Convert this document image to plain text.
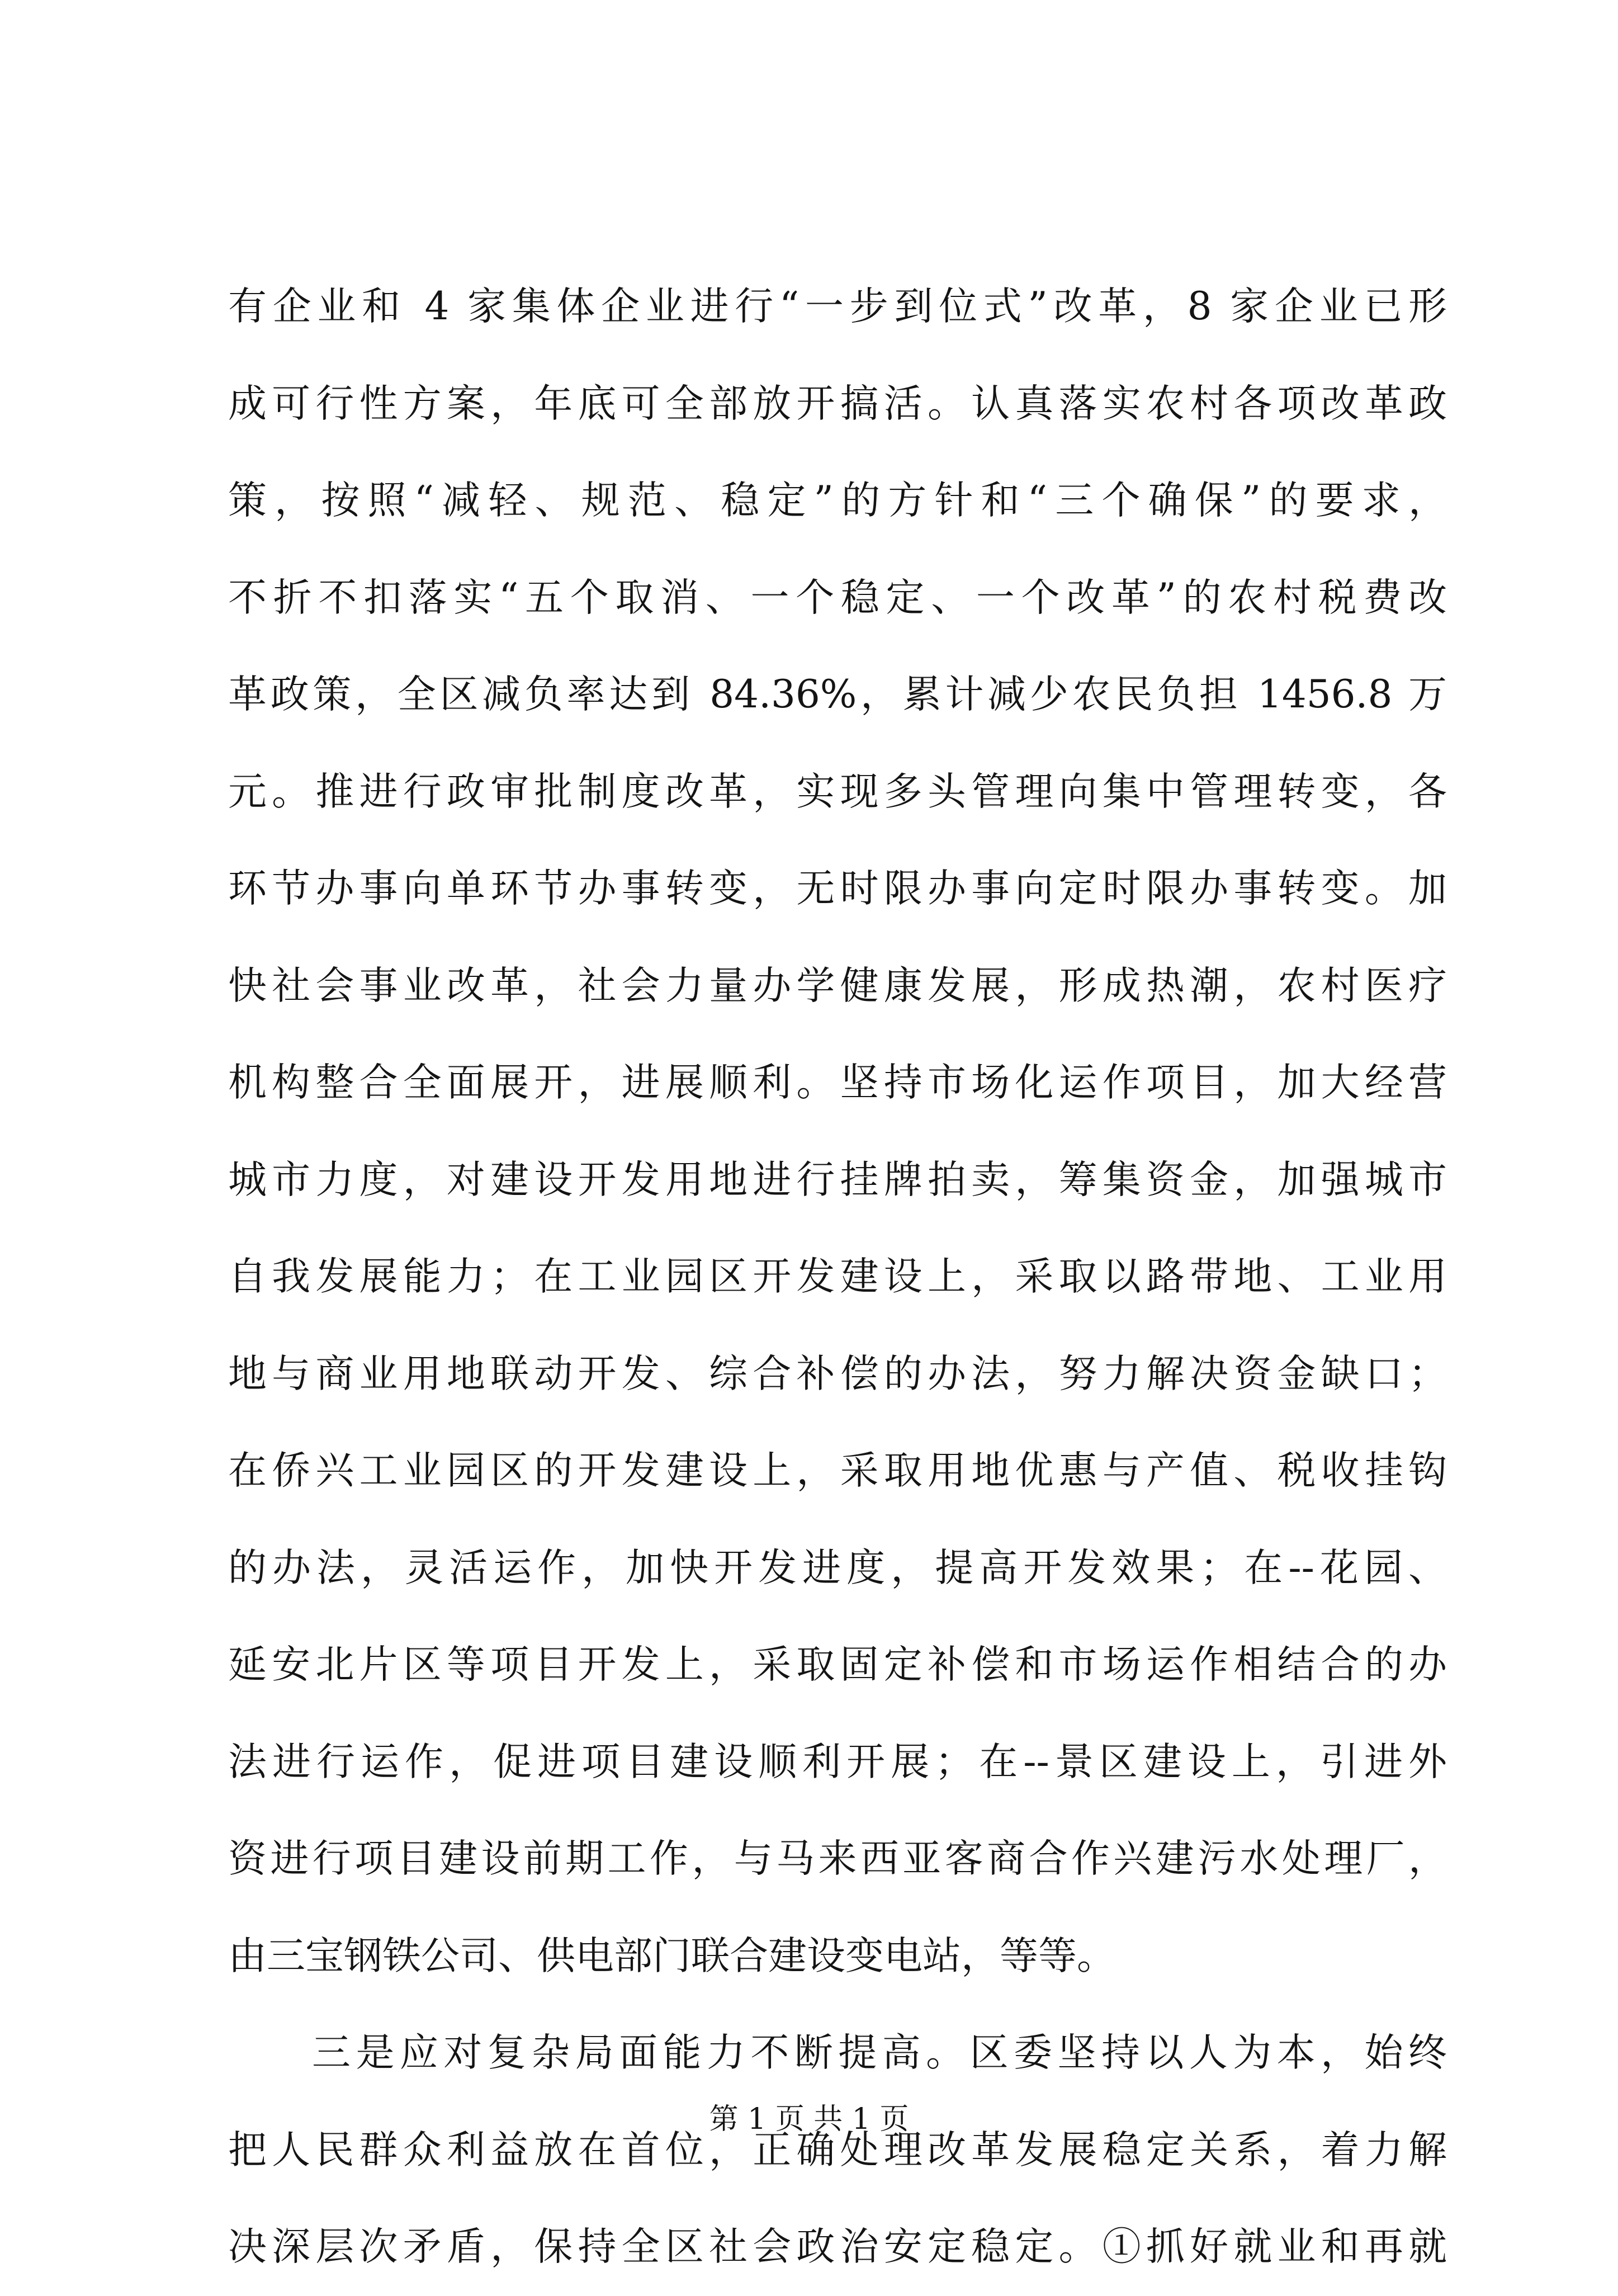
有企业和 4 家集体企业进行“一步到位式”改革，8 家企业已形
成可行性方案，年底可全部放开搞活。认真落实农村各项改革政
策，按照“减轻、规范、稳定”的方针和“三个确保”的要求，
不折不扣落实“五个取消、一个稳定、一个改革”的农村税费改
革政策，全区减负率达到 84.36%，累计减少农民负担 1456.8 万
元。推进行政审批制度改革，实现多头管理向集中管理转变，各
环节办事向单环节办事转变，无时限办事向定时限办事转变。加
快社会事业改革，社会力量办学健康发展，形成热潮，农村医疗
机构整合全面展开，进展顺利。坚持市场化运作项目，加大经营
城市力度，对建设开发用地进行挂牌拍卖，筹集资金，加强城市
自我发展能力；在工业园区开发建设上，采取以路带地、工业用
地与商业用地联动开发、综合补偿的办法，努力解决资金缺口；
在侨兴工业园区的开发建设上，采取用地优惠与产值、税收挂钩
的办法，灵活运作，加快开发进度，提高开发效果；在--花园、
延安北片区等项目开发上，采取固定补偿和市场运作相结合的办
法进行运作，促进项目建设顺利开展；在--景区建设上，引进外
资进行项目建设前期工作，与马来西亚客商合作兴建污水处理厂，
由三宝钢铁公司、供电部门联合建设变电站，等等。
三是应对复杂局面能力不断提高。区委坚持以人为本，始终
把人民群众利益放在首位，正确处理改革发展稳定关系，着力解
决深层次矛盾，保持全区社会政治安定稳定。①抓好就业和再就
第 1 页 共 1 页
